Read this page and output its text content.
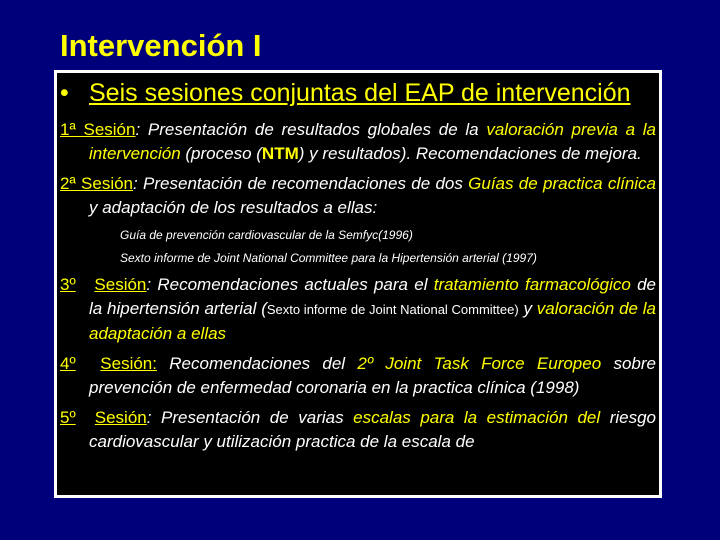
Intervención I
• Seis sesiones conjuntas del EAP de intervención
1ª Sesión: Presentación de resultados globales de la valoración previa a la intervención (proceso (NTM) y resultados). Recomendaciones de mejora.
2ª Sesión: Presentación de recomendaciones de dos Guías de practica clínica y adaptación de los resultados a ellas:
Guía de prevención cardiovascular de la Semfyc(1996)
Sexto informe de Joint National Committee para la Hipertensión arterial (1997)
3º Sesión: Recomendaciones actuales para el tratamiento farmacológico de la hipertensión arterial (Sexto informe de Joint National Committee) y valoración de la adaptación a ellas
4º Sesión: Recomendaciones del 2º Joint Task Force Europeo sobre prevención de enfermedad coronaria en la practica clínica (1998)
5º Sesión: Presentación de varias escalas para la estimación del riesgo cardiovascular y utilización practica de la escala de
